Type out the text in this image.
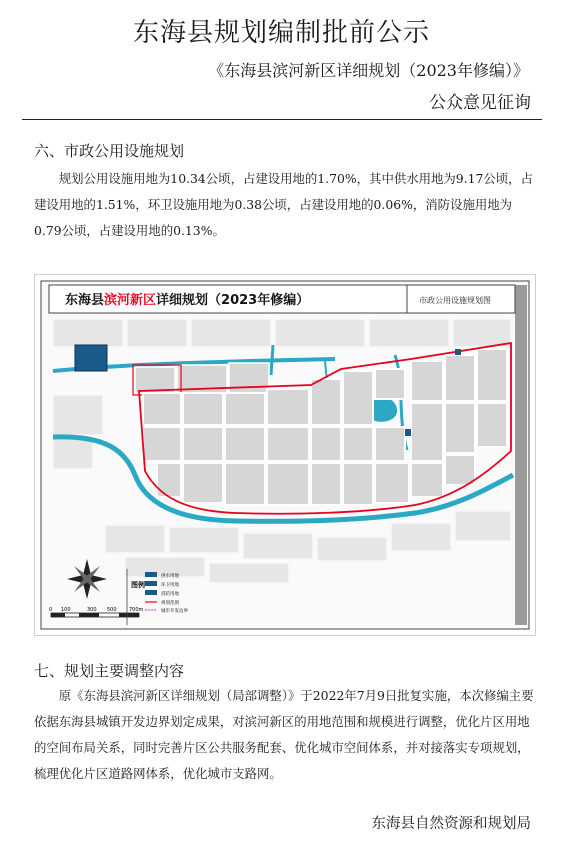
东海县规划编制批前公示
《东海县滨河新区详细规划（2023年修编）》
公众意见征询
六、市政公用设施规划
规划公用设施用地为10.34公顷，占建设用地的1.70%，其中供水用地为9.17公顷，占建设用地的1.51%，环卫设施用地为0.38公顷，占建设用地的0.06%，消防设施用地为0.79公顷，占建设用地的0.13%。
东海县滨河新区详细规划（2023年修编）	市政公用设施规划图
0 100	300 500 700m
图例
供水用地
环卫用地
消防用地
规划范围
城市开发边界
七、规划主要调整内容
原《东海县滨河新区详细规划（局部调整）》于2022年7月9日批复实施，本次修编主要依据东海县城镇开发边界划定成果，对滨河新区的用地范围和规模进行调整，优化片区用地的空间布局关系，同时完善片区公共服务配套、优化城市空间体系，并对接落实专项规划，梳理优化片区道路网体系，优化城市支路网。
东海县自然资源和规划局
